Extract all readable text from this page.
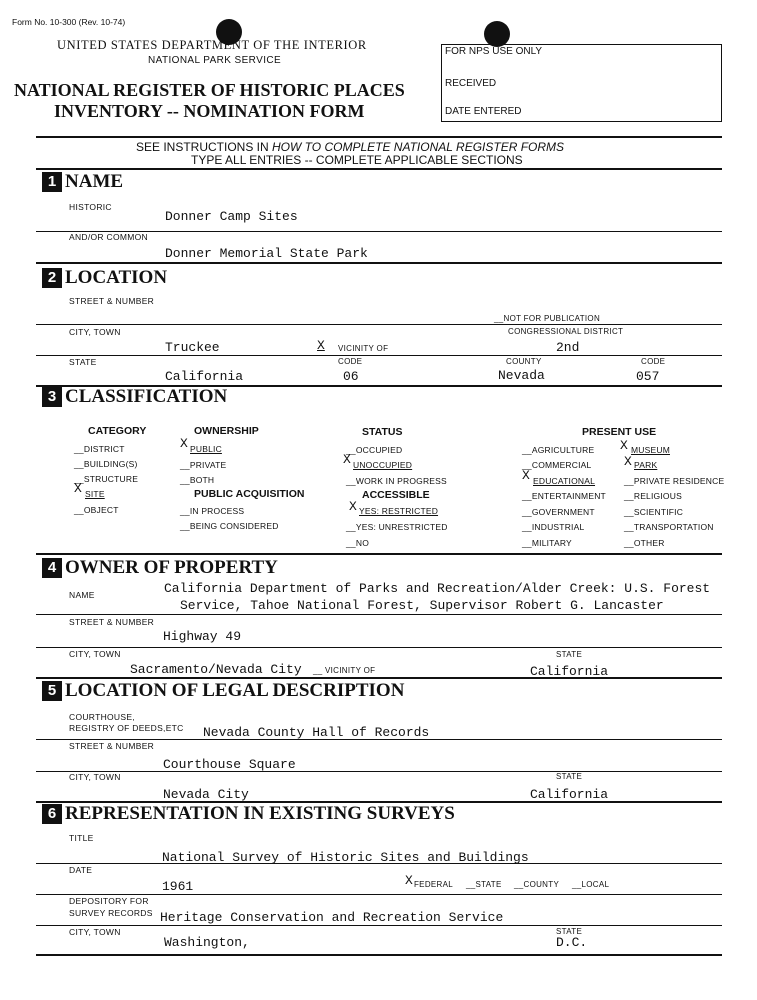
Form No. 10-300 (Rev. 10-74)
UNITED STATES DEPARTMENT OF THE INTERIOR
NATIONAL PARK SERVICE
NATIONAL REGISTER OF HISTORIC PLACES
INVENTORY -- NOMINATION FORM
FOR NPS USE ONLY
RECEIVED
DATE ENTERED
SEE INSTRUCTIONS IN HOW TO COMPLETE NATIONAL REGISTER FORMS
TYPE ALL ENTRIES -- COMPLETE APPLICABLE SECTIONS
1 NAME
HISTORIC
Donner Camp Sites
AND/OR COMMON
Donner Memorial State Park
2 LOCATION
STREET & NUMBER
__NOT FOR PUBLICATION
CITY, TOWN	CONGRESSIONAL DISTRICT
Truckee	X VICINITY OF	2nd
STATE	CODE	COUNTY	CODE
California	06	Nevada	057
3 CLASSIFICATION
CATEGORY	OWNERSHIP	STATUS	PRESENT USE
__DISTRICT
__BUILDING(S)
__STRUCTURE
X SITE
__OBJECT
X PUBLIC
__PRIVATE
__BOTH
PUBLIC ACQUISITION
__IN PROCESS
__BEING CONSIDERED
__OCCUPIED
X UNOCCUPIED
__WORK IN PROGRESS
ACCESSIBLE
X YES: RESTRICTED
__YES: UNRESTRICTED
__NO
__AGRICULTURE
__COMMERCIAL
X EDUCATIONAL
__ENTERTAINMENT
__GOVERNMENT
__INDUSTRIAL
__MILITARY
X MUSEUM
X PARK
__PRIVATE RESIDENCE
__RELIGIOUS
__SCIENTIFIC
__TRANSPORTATION
__OTHER
4 OWNER OF PROPERTY
NAME	California Department of Parks and Recreation/Alder Creek: U.S. Forest
Service, Tahoe National Forest, Supervisor Robert G. Lancaster
STREET & NUMBER
Highway 49
CITY, TOWN	STATE
Sacramento/Nevada City __ VICINITY OF	California
5 LOCATION OF LEGAL DESCRIPTION
COURTHOUSE,
REGISTRY OF DEEDS,ETC Nevada County Hall of Records
STREET & NUMBER
Courthouse Square
CITY, TOWN	STATE
Nevada City	California
6 REPRESENTATION IN EXISTING SURVEYS
TITLE
National Survey of Historic Sites and Buildings
DATE
1961	X FEDERAL __STATE __COUNTY __LOCAL
DEPOSITORY FOR
SURVEY RECORDS Heritage Conservation and Recreation Service
CITY, TOWN	STATE
Washington,	D.C.
